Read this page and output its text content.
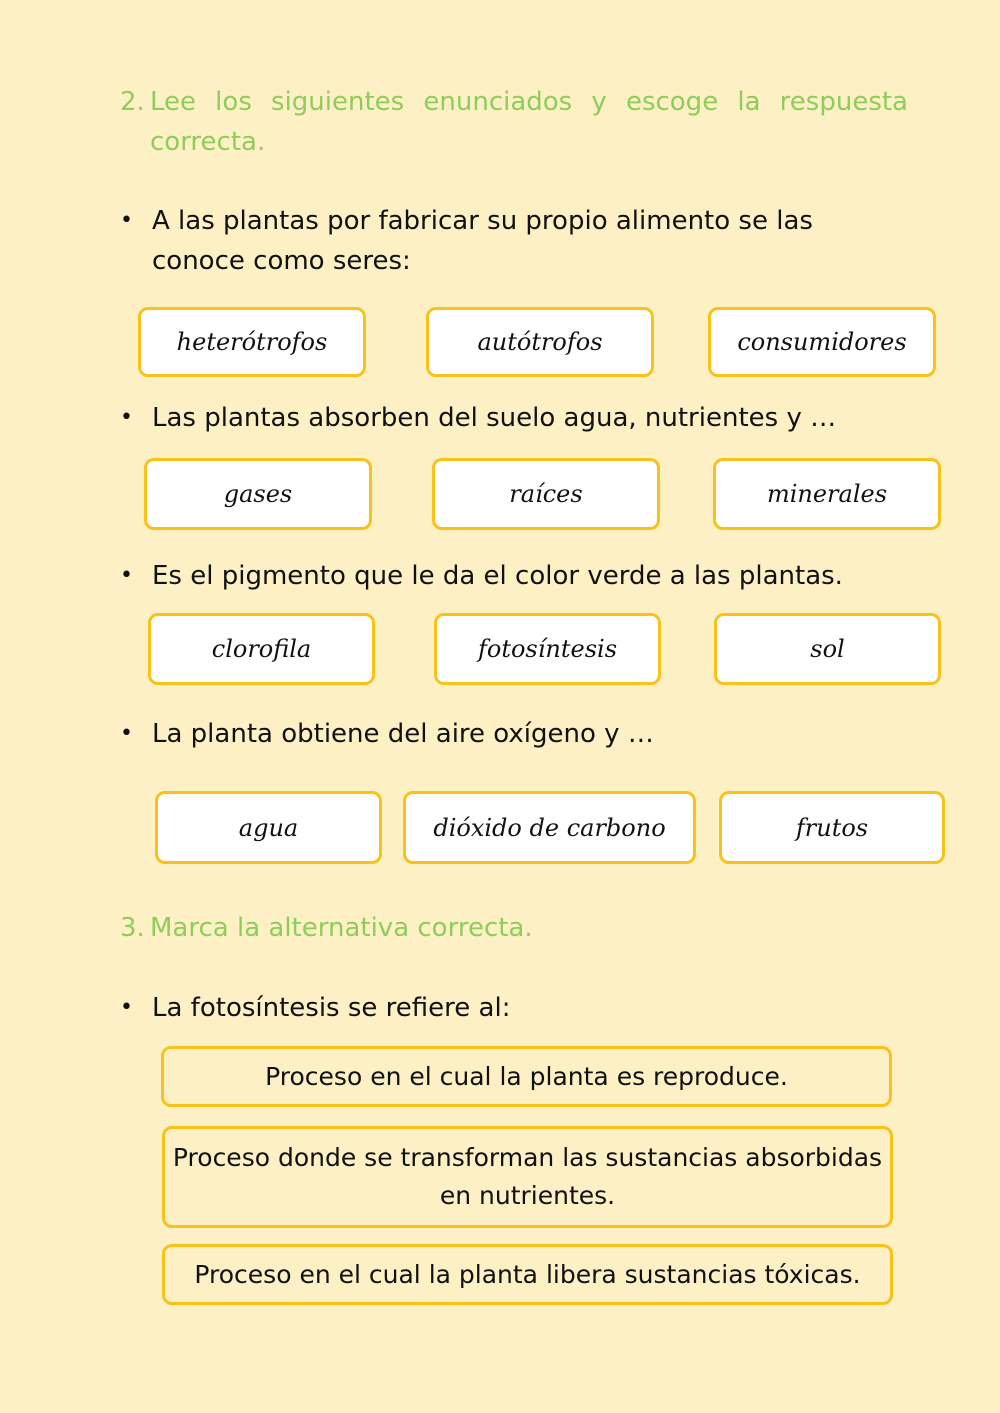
2. Lee los siguientes enunciados y escoge la respuesta correcta.
• A las plantas por fabricar su propio alimento se las conoce como seres:
heterótrofos	autótrofos	consumidores
• Las plantas absorben del suelo agua, nutrientes y …
gases	raíces	minerales
• Es el pigmento que le da el color verde a las plantas.
clorofila	fotosíntesis	sol
• La planta obtiene del aire oxígeno y …
agua	dióxido de carbono	frutos
3. Marca la alternativa correcta.
• La fotosíntesis se refiere al:
Proceso en el cual la planta es reproduce.
Proceso donde se transforman las sustancias absorbidas en nutrientes.
Proceso en el cual la planta libera sustancias tóxicas.
